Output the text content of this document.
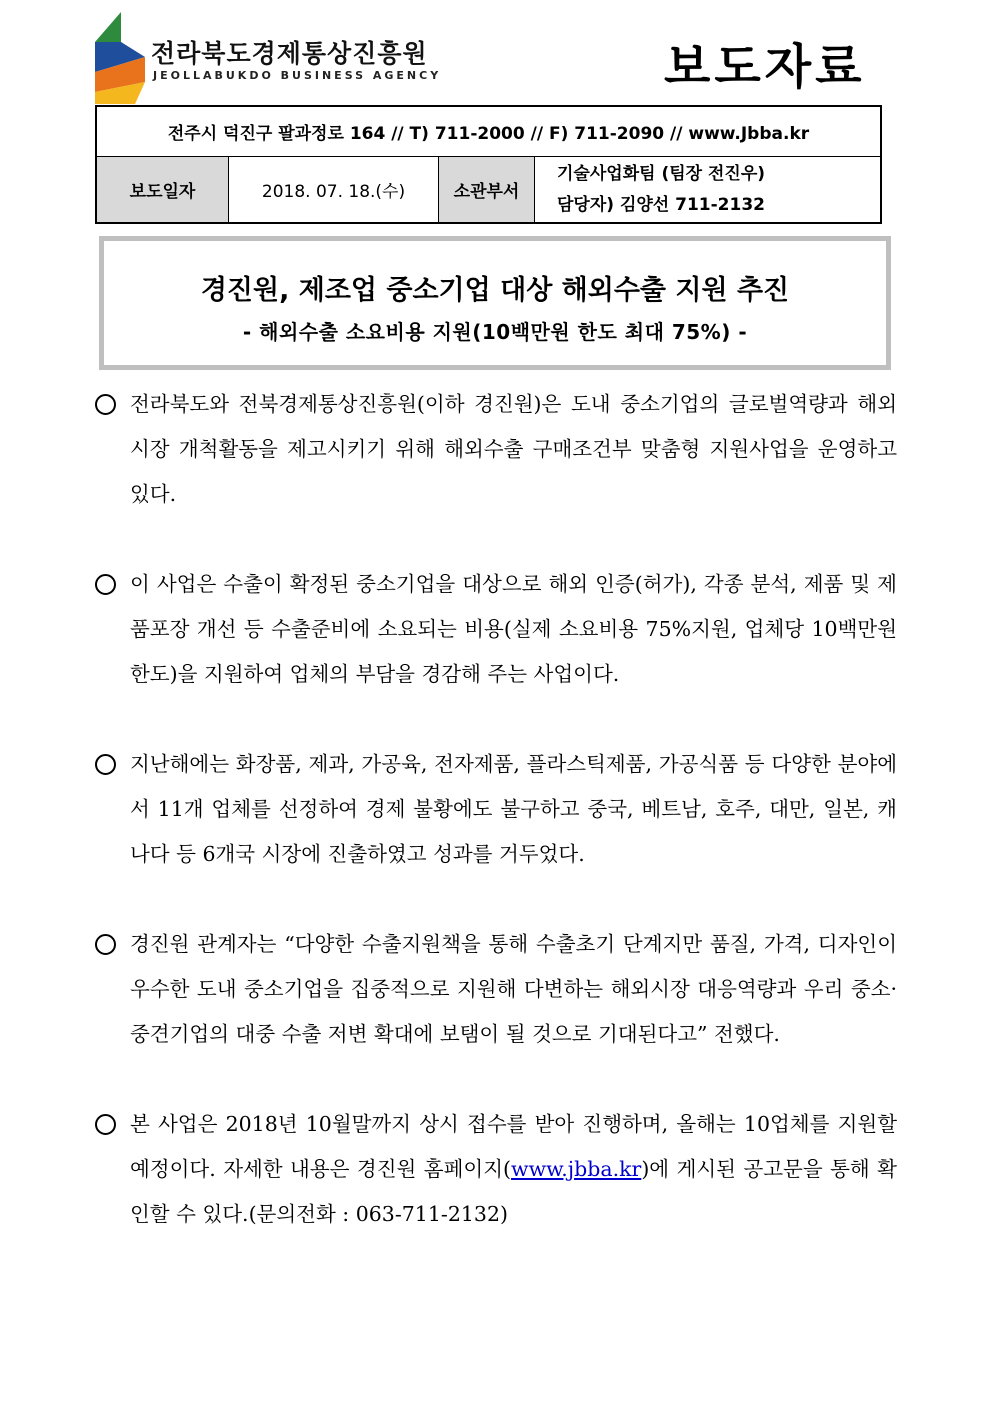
전라북도경제통상진흥원
JEOLLABUKDO BUSINESS AGENCY	보도자료
전주시 덕진구 팔과정로 164 // T) 711-2000 // F) 711-2090 // www.Jbba.kr
보도일자	2018. 07. 18.(수)	소관부서
기술사업화팀 (팀장 전진우)
담당자) 김양선 711-2132
경진원, 제조업 중소기업 대상 해외수출 지원 추진
- 해외수출 소요비용 지원(10백만원 한도 최대 75%) -
전라북도와 전북경제통상진흥원(이하 경진원)은 도내 중소기업의 글로벌역량과 해외시장 개척활동을 제고시키기 위해 해외수출 구매조건부 맞춤형 지원사업을 운영하고 있다.
이 사업은 수출이 확정된 중소기업을 대상으로 해외 인증(허가), 각종 분석, 제품 및 제품포장 개선 등 수출준비에 소요되는 비용(실제 소요비용 75%지원, 업체당 10백만원 한도)을 지원하여 업체의 부담을 경감해 주는 사업이다.
지난해에는 화장품, 제과, 가공육, 전자제품, 플라스틱제품, 가공식품 등 다양한 분야에서 11개 업체를 선정하여 경제 불황에도 불구하고 중국, 베트남, 호주, 대만, 일본, 캐나다 등 6개국 시장에 진출하였고 성과를 거두었다.
경진원 관계자는 “다양한 수출지원책을 통해 수출초기 단계지만 품질, 가격, 디자인이 우수한 도내 중소기업을 집중적으로 지원해 다변하는 해외시장 대응역량과 우리 중소·중견기업의 대중 수출 저변 확대에 보탬이 될 것으로 기대된다고” 전했다.
본 사업은 2018년 10월말까지 상시 접수를 받아 진행하며, 올해는 10업체를 지원할 예정이다. 자세한 내용은 경진원 홈페이지(www.jbba.kr)에 게시된 공고문을 통해 확인할 수 있다.(문의전화 : 063-711-2132)
